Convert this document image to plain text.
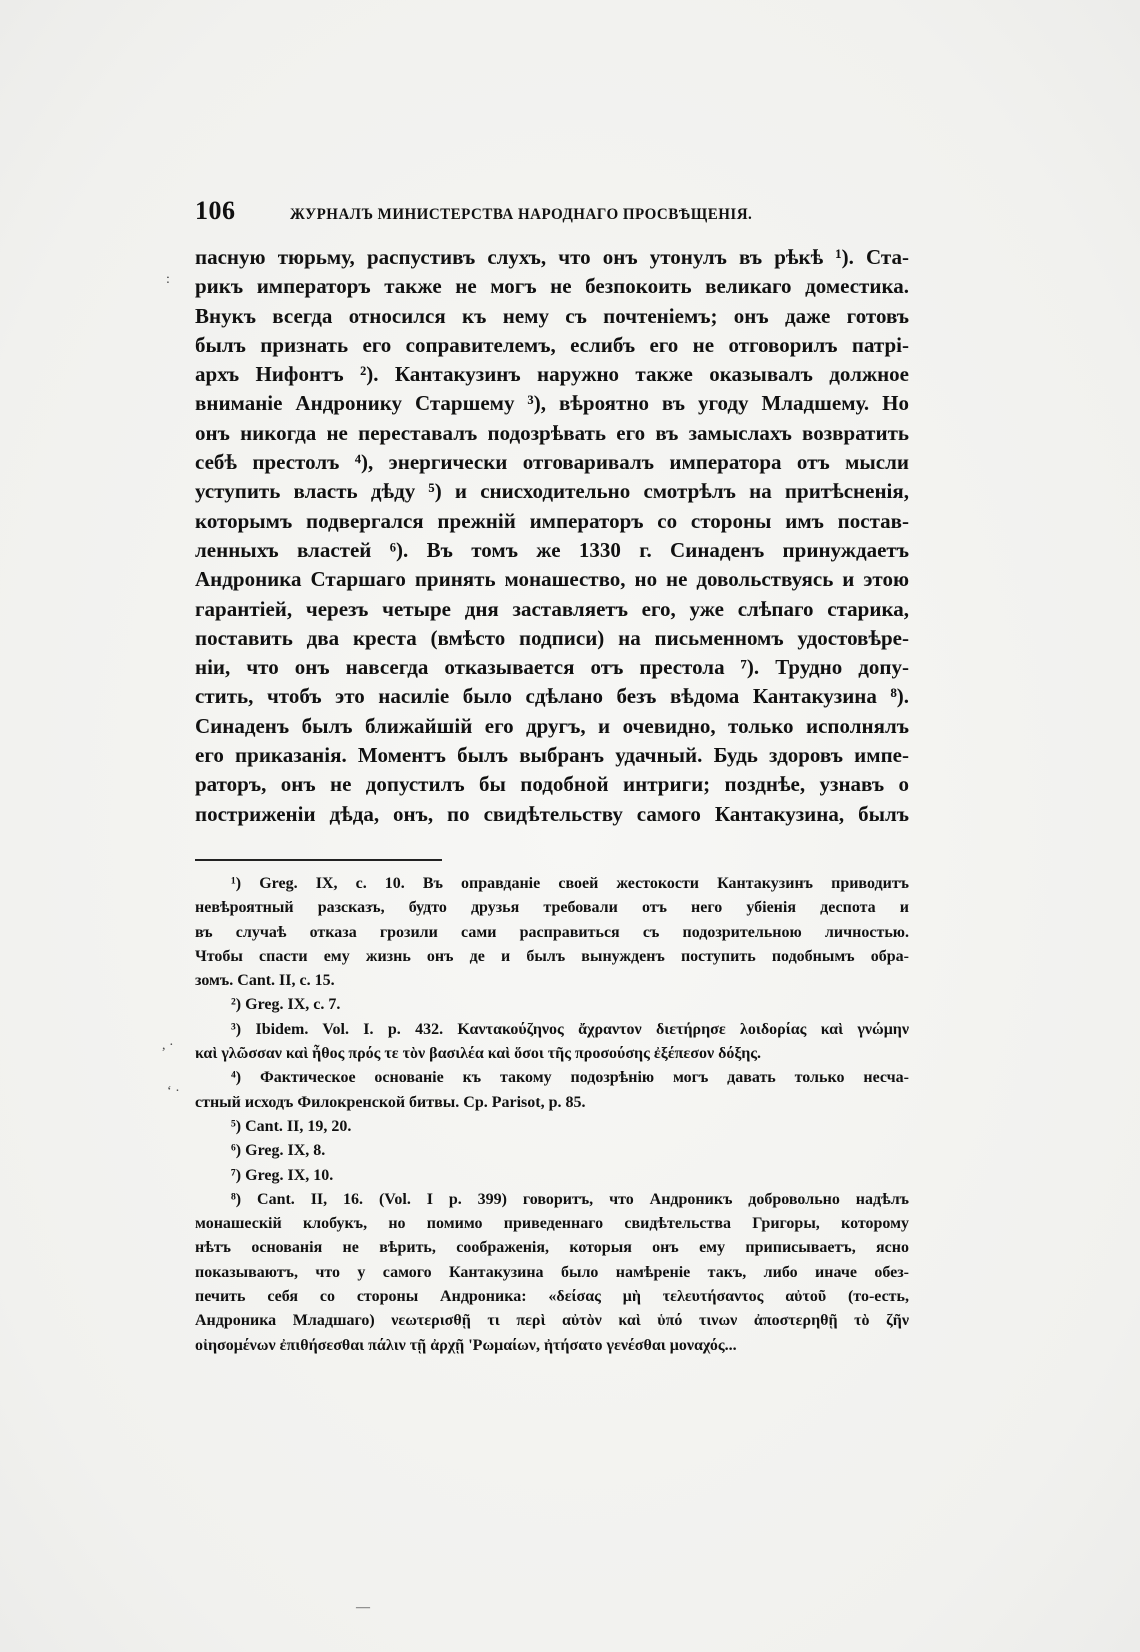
106	ЖУРНАЛЪ МИНИСТЕРСТВА НАРОДНАГО ПРОСВѢЩЕНІЯ.
пасную тюрьму, распустивъ слухъ, что онъ утонулъ въ рѣкѣ ¹). Ста-
рикъ императоръ также не могъ не безпокоить великаго доместика.
Внукъ всегда относился къ нему съ почтеніемъ; онъ даже готовъ
былъ признать его соправителемъ, еслибъ его не отговорилъ патрі-
архъ Нифонтъ ²). Кантакузинъ наружно также оказывалъ должное
вниманіе Андронику Старшему ³), вѣроятно въ угоду Младшему. Но
онъ никогда не переставалъ подозрѣвать его въ замыслахъ возвратить
себѣ престолъ ⁴), энергически отговаривалъ императора отъ мысли
уступить власть дѣду ⁵) и снисходительно смотрѣлъ на притѣсненія,
которымъ подвергался прежній императоръ со стороны имъ постав-
ленныхъ властей ⁶). Въ томъ же 1330 г. Синаденъ принуждаетъ
Андроника Старшаго принять монашество, но не довольствуясь и этою
гарантіей, черезъ четыре дня заставляетъ его, уже слѣпаго старика,
поставить два креста (вмѣсто подписи) на письменномъ удостовѣре-
ніи, что онъ навсегда отказывается отъ престола ⁷). Трудно допу-
стить, чтобъ это насиліе было сдѣлано безъ вѣдома Кантакузина ⁸).
Синаденъ былъ ближайшій его другъ, и очевидно, только исполнялъ
его приказанія. Моментъ былъ выбранъ удачный. Будь здоровъ импе-
раторъ, онъ не допустилъ бы подобной интриги; позднѣе, узнавъ о
постриженіи дѣда, онъ, по свидѣтельству самого Кантакузина, былъ
¹) Greg. IX, c. 10. Въ оправданіе своей жестокости Кантакузинъ приводитъ
невѣроятный разсказъ, будто друзья требовали отъ него убіенія деспота и
въ случаѣ отказа грозили сами расправиться съ подозрительною личностью.
Чтобы спасти ему жизнь онъ де и былъ вынужденъ поступить подобнымъ обра-
зомъ. Cant. II, c. 15.
²) Greg. IX, c. 7.
³) Ibidem. Vol. I. p. 432. Καντακούζηνος ἄχραντον διετήρησε λοιδορίας καὶ γνώμην
καὶ γλῶσσαν καὶ ἦθος πρός τε τὸν βασιλέα καὶ ὅσοι τῆς προσούσης ἐξέπεσον δόξης.
⁴) Фактическое основаніе къ такому подозрѣнію могъ давать только несча-
стный исходъ Филокренской битвы. Ср. Parisot, p. 85.
⁵) Cant. II, 19, 20.
⁶) Greg. IX, 8.
⁷) Greg. IX, 10.
⁸) Cant. II, 16. (Vol. I p. 399) говоритъ, что Андроникъ добровольно надѣлъ
монашескій клобукъ, но помимо приведеннаго свидѣтельства Григоры, которому
нѣтъ основанія не вѣрить, соображенія, которыя онъ ему приписываетъ, ясно
показываютъ, что у самого Кантакузина было намѣреніе такъ, либо иначе обез-
печить себя со стороны Андроника: «δείσας μὴ τελευτήσαντος αὐτοῦ (то-есть,
Андроника Младшаго) νεωτερισθῇ τι περὶ αὐτὸν καὶ ὑπό τινων ἀποστερηθῇ τὸ ζῆν
οἰησομένων ἐπιθήσεσθαι πάλιν τῇ ἀρχῇ 'Ρωμαίων, ἠτήσατο γενέσθαι μοναχός...
:
, ·
‘ ·
—
